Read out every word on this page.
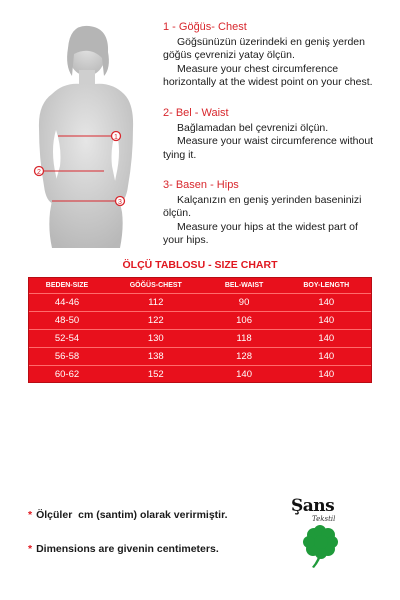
1
2
3
1 - Göğüs- Chest
Göğsünüzün üzerindeki en geniş yerden
göğüs çevrenizi yatay ölçün.
Measure your chest circumference
horizontally at the widest point on your chest.
2- Bel - Waist
Bağlamadan bel çevrenizi ölçün.
Measure your waist circumference without
tying it.
3- Basen - Hips
Kalçanızın en geniş yerinden baseninizi
ölçün.
Measure your hips at the widest part of
your hips.
ÖLÇÜ TABLOSU - SIZE CHART
BEDEN-SIZE	GÖĞÜS-CHEST	BEL-WAIST	BOY-LENGTH
44-46	112	90	140
48-50	122	106	140
52-54	130	118	140
56-58	138	128	140
60-62	152	140	140
* Ölçüler  cm (santim) olarak verirmiştir.
* Dimensions are givenin centimeters.
Şans
Tekstil
